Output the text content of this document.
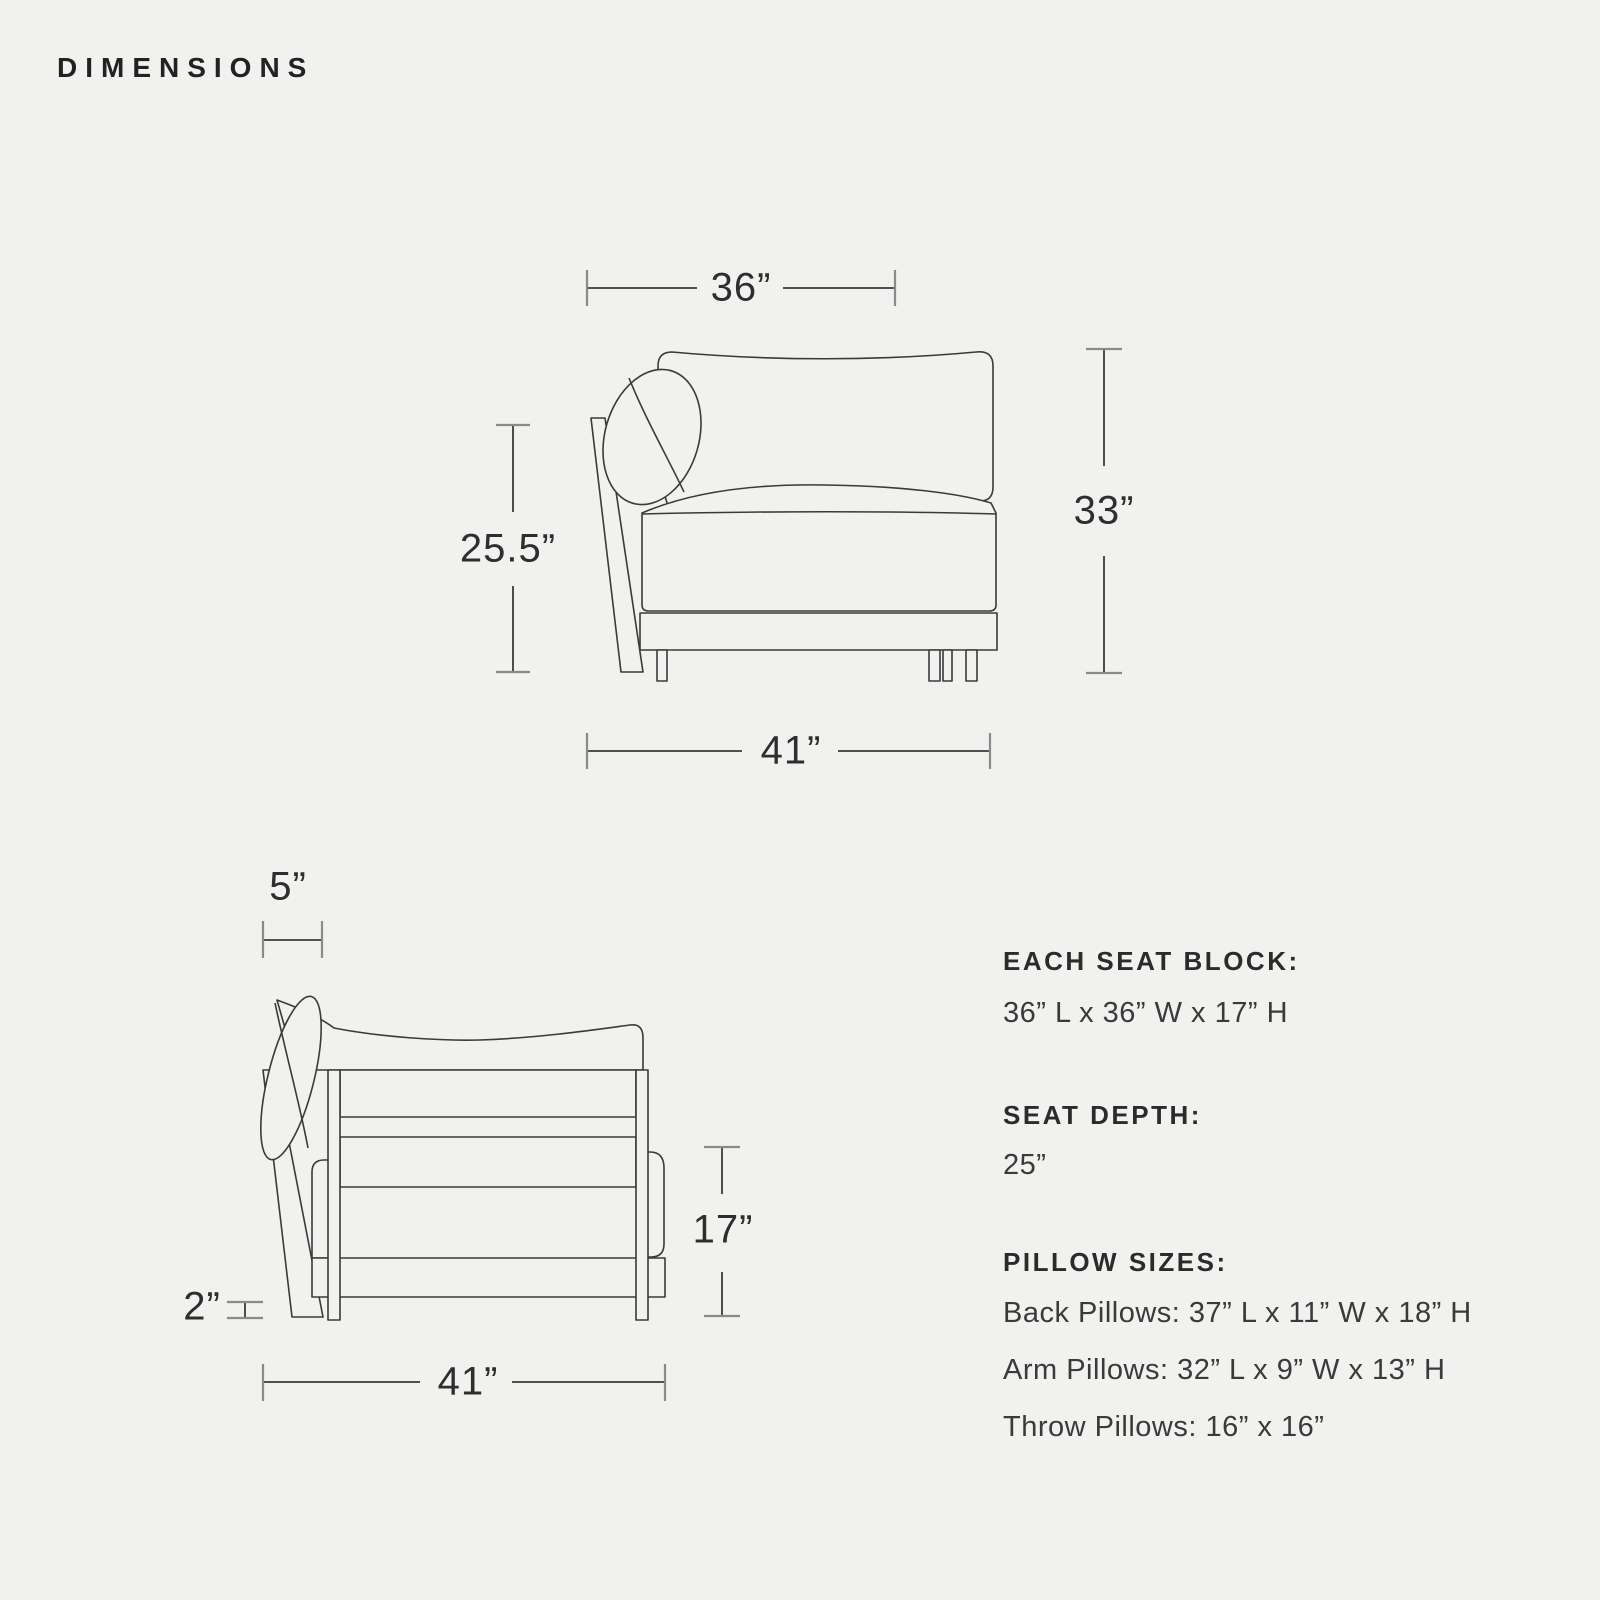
DIMENSIONS
36”
25.5”
33”
41”
5”
2”
17”
41”
EACH SEAT BLOCK:
36” L x 36” W x 17” H
SEAT DEPTH:
25”
PILLOW SIZES:
Back Pillows: 37” L x 11” W x 18” H
Arm Pillows: 32” L x 9” W x 13” H
Throw Pillows: 16” x 16”
